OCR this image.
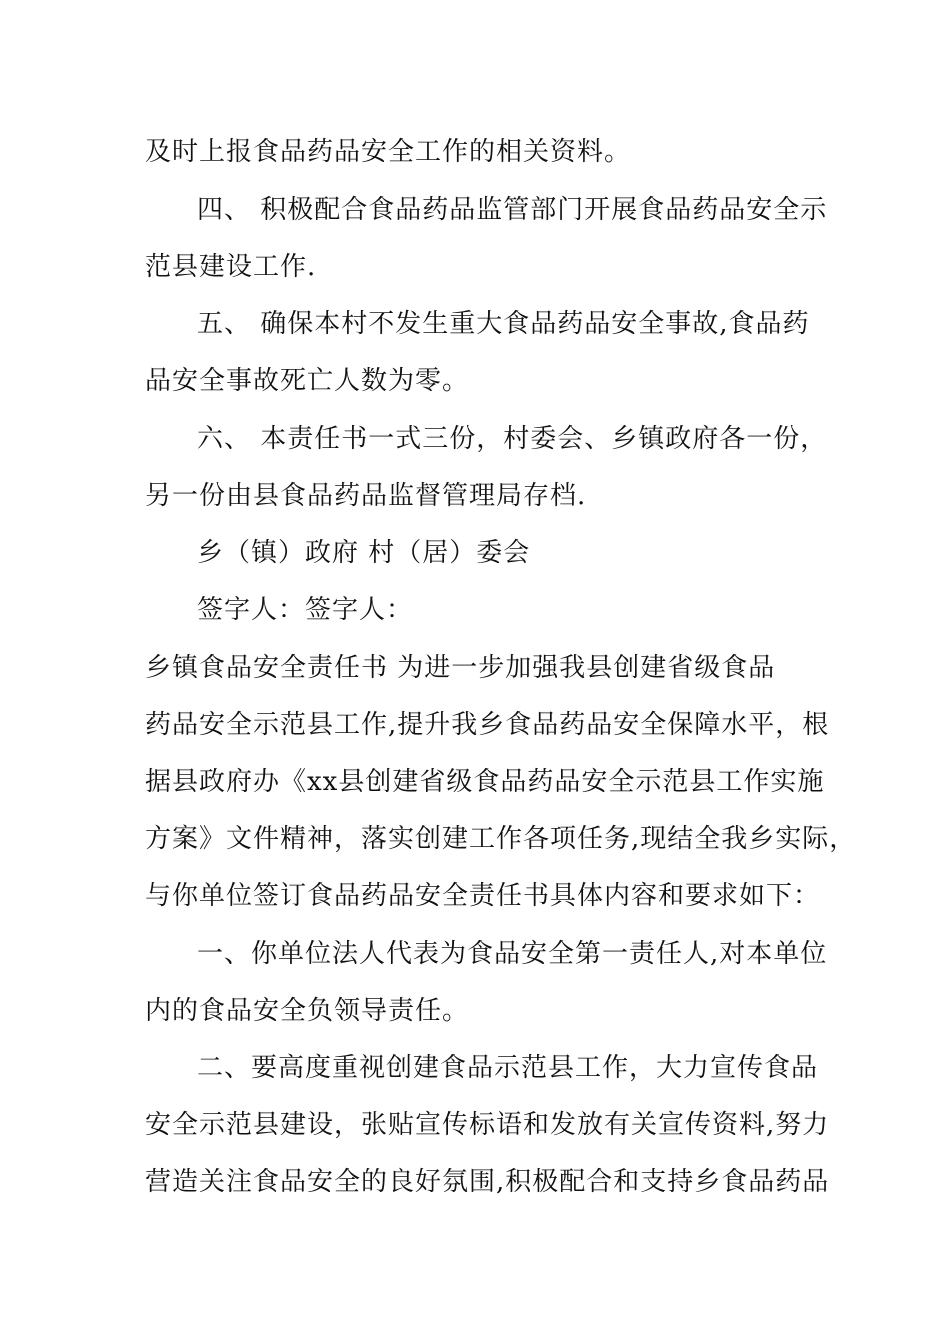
及时上报食品药品安全工作的相关资料。
四、 积极配合食品药品监管部门开展食品药品安全示
范县建设工作.
五、 确保本村不发生重大食品药品安全事故,食品药
品安全事故死亡人数为零。
六、 本责任书一式三份，村委会、乡镇政府各一份，
另一份由县食品药品监督管理局存档.
乡（镇）政府 村（居）委会
签字人：签字人：
乡镇食品安全责任书 为进一步加强我县创建省级食品
药品安全示范县工作,提升我乡食品药品安全保障水平，根
据县政府办《xx县创建省级食品药品安全示范县工作实施
方案》文件精神，落实创建工作各项任务,现结全我乡实际，
与你单位签订食品药品安全责任书具体内容和要求如下：
一、你单位法人代表为食品安全第一责任人,对本单位
内的食品安全负领导责任。
二、要高度重视创建食品示范县工作，大力宣传食品
安全示范县建设，张贴宣传标语和发放有关宣传资料,努力
营造关注食品安全的良好氛围,积极配合和支持乡食品药品
